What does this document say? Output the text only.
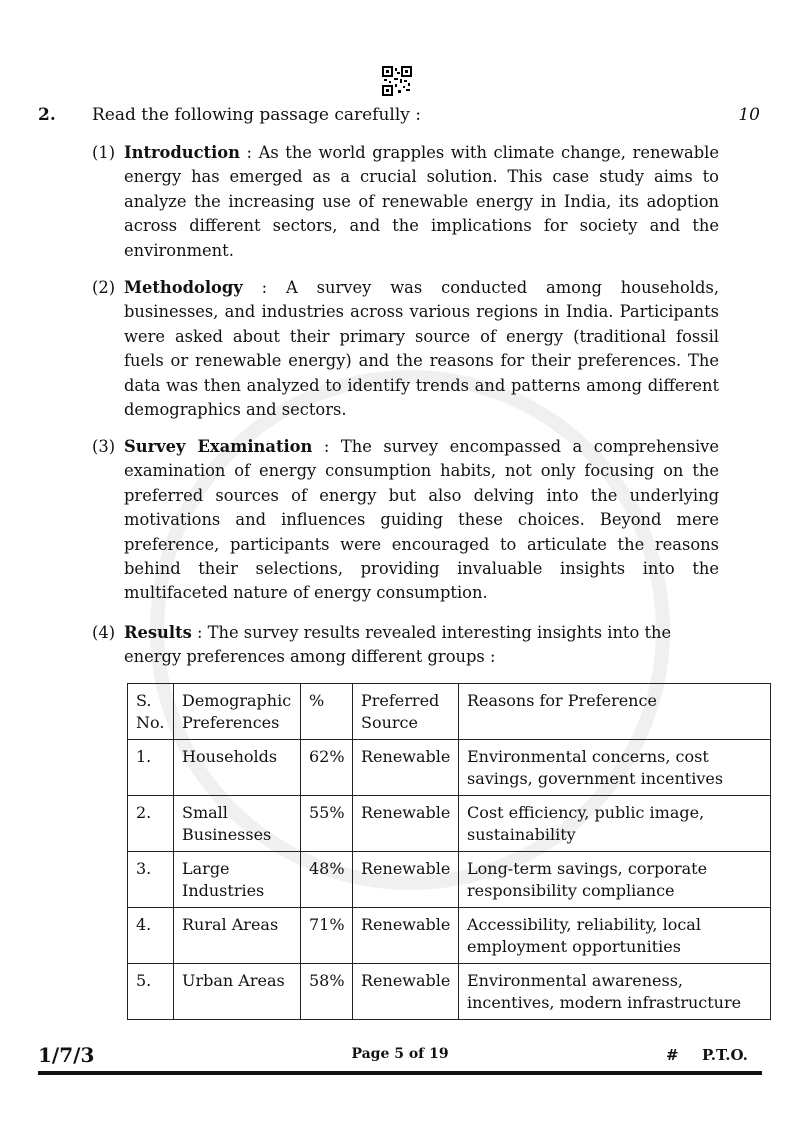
2. Read the following passage carefully :	10
(1) Introduction : As the world grapples with climate change, renewable energy has emerged as a crucial solution. This case study aims to analyze the increasing use of renewable energy in India, its adoption across different sectors, and the implications for society and the environment.
(2) Methodology : A survey was conducted among households, businesses, and industries across various regions in India. Participants were asked about their primary source of energy (traditional fossil fuels or renewable energy) and the reasons for their preferences. The data was then analyzed to identify trends and patterns among different demographics and sectors.
(3) Survey Examination : The survey encompassed a comprehensive examination of energy consumption habits, not only focusing on the preferred sources of energy but also delving into the underlying motivations and influences guiding these choices. Beyond mere preference, participants were encouraged to articulate the reasons behind their selections, providing invaluable insights into the multifaceted nature of energy consumption.
(4) Results : The survey results revealed interesting insights into the energy preferences among different groups :
S. No.	Demographic Preferences	%	Preferred Source	Reasons for Preference
1.	Households	62%	Renewable	Environmental concerns, cost savings, government incentives
2.	Small Businesses	55%	Renewable	Cost efficiency, public image, sustainability
3.	Large Industries	48%	Renewable	Long-term savings, corporate responsibility compliance
4.	Rural Areas	71%	Renewable	Accessibility, reliability, local employment opportunities
5.	Urban Areas	58%	Renewable	Environmental awareness, incentives, modern infrastructure
1/7/3	Page 5 of 19	# P.T.O.
